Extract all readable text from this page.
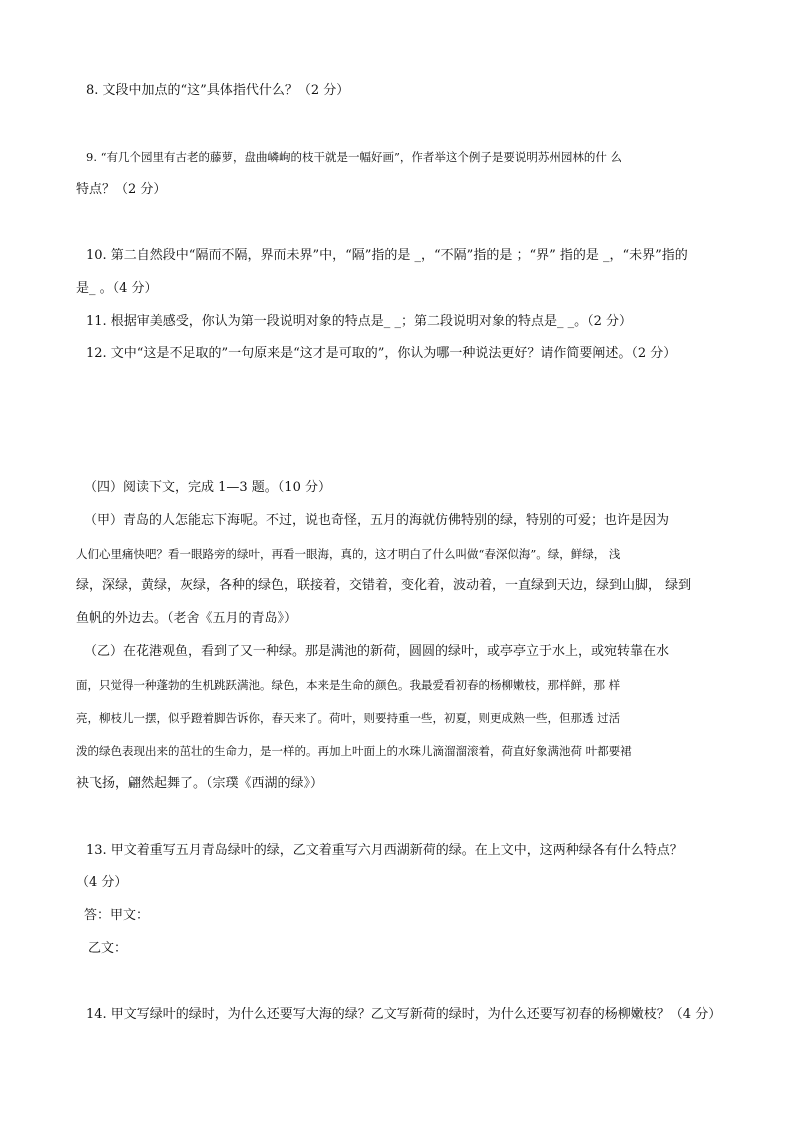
8. 文段中加点的“这”具体指代什么？（2 分）
9. “有几个园里有古老的藤萝，盘曲嶙峋的枝干就是一幅好画”，作者举这个例子是要说明苏州园林的什 么
特点？（2 分）
10. 第二自然段中“隔而不隔，界而未界”中，“隔”指的是 _，“不隔”指的是 ；“界” 指的是 _，“未界”指的
是_ 。（4 分）
11. 根据审美感受，你认为第一段说明对象的特点是_ _；第二段说明对象的特点是_ _。（2 分）
12. 文中“这是不足取的”一句原来是“这才是可取的”，你认为哪一种说法更好？请作简要阐述。（2 分）
（四）阅读下文，完成 1—3 题。（10 分）
（甲）青岛的人怎能忘下海呢。不过，说也奇怪，五月的海就仿佛特别的绿，特别的可爱；也许是因为
人们心里痛快吧？看一眼路旁的绿叶，再看一眼海，真的，这才明白了什么叫做“春深似海”。绿，鲜绿， 浅
绿，深绿，黄绿，灰绿，各种的绿色，联接着，交错着，变化着，波动着，一直绿到天边，绿到山脚， 绿到
鱼帆的外边去。（老舍《五月的青岛》）
（乙）在花港观鱼，看到了又一种绿。那是满池的新荷，圆圆的绿叶，或亭亭立于水上，或宛转靠在水
面，只觉得一种蓬勃的生机跳跃满池。绿色，本来是生命的颜色。我最爱看初春的杨柳嫩枝，那样鲜，那 样
亮，柳枝儿一摆，似乎蹬着脚告诉你，春天来了。荷叶，则要持重一些，初夏，则更成熟一些，但那透 过活
泼的绿色表现出来的茁壮的生命力，是一样的。再加上叶面上的水珠儿滴溜溜滚着，荷直好象满池荷 叶都要裙
袂飞扬，翩然起舞了。（宗璞《西湖的绿》）
13. 甲文着重写五月青岛绿叶的绿，乙文着重写六月西湖新荷的绿。在上文中，这两种绿各有什么特点？
（4 分）
答：甲文：
乙文：
14. 甲文写绿叶的绿时，为什么还要写大海的绿？乙文写新荷的绿时，为什么还要写初春的杨柳嫩枝？（4 分）
